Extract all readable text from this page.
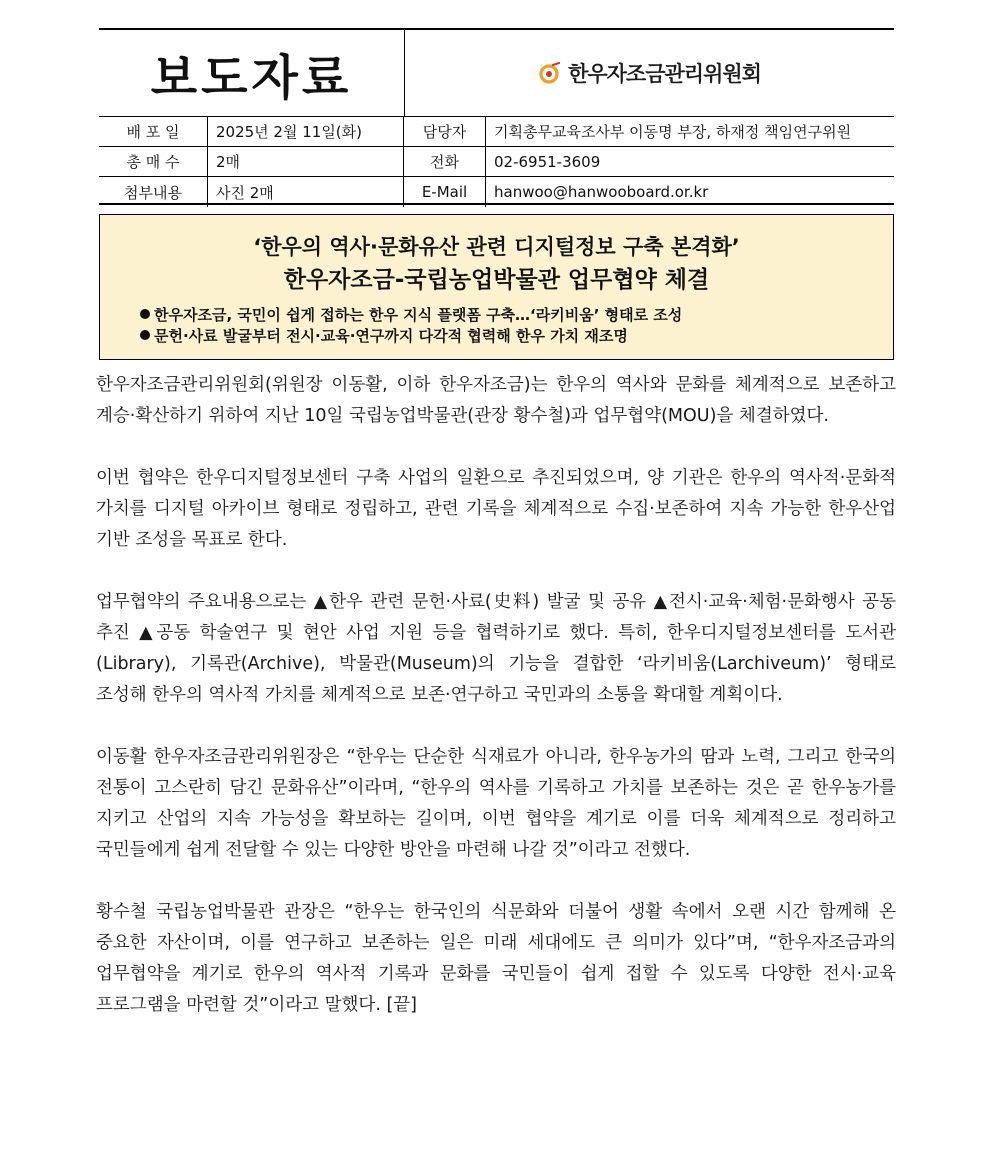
보도자료	한우자조금관리위원회
배 포 일	2025년 2월 11일(화)	담당자	기획총무교육조사부 이동명 부장, 하재정 책임연구위원
총 매 수	2매	전화	02-6951-3609
첨부내용	사진 2매	E-Mail	hanwoo@hanwooboard.or.kr
‘한우의 역사·문화유산 관련 디지털정보 구축 본격화’
한우자조금-국립농업박물관 업무협약 체결
한우자조금, 국민이 쉽게 접하는 한우 지식 플랫폼 구축…‘라키비움’ 형태로 조성
문헌·사료 발굴부터 전시·교육·연구까지 다각적 협력해 한우 가치 재조명

한우자조금관리위원회(위원장 이동활, 이하 한우자조금)는 한우의 역사와 문화를 체계적으로 보존하고 계승·확산하기 위하여 지난 10일 국립농업박물관(관장 황수철)과 업무협약(MOU)을 체결하였다.

이번 협약은 한우디지털정보센터 구축 사업의 일환으로 추진되었으며, 양 기관은 한우의 역사적·문화적 가치를 디지털 아카이브 형태로 정립하고, 관련 기록을 체계적으로 수집·보존하여 지속 가능한 한우산업 기반 조성을 목표로 한다.

업무협약의 주요내용으로는 ▲한우 관련 문헌·사료(史料) 발굴 및 공유 ▲전시·교육·체험·문화행사 공동 추진 ▲공동 학술연구 및 현안 사업 지원 등을 협력하기로 했다. 특히, 한우디지털정보센터를 도서관(Library), 기록관(Archive), 박물관(Museum)의 기능을 결합한 ‘라키비움(Larchiveum)’ 형태로 조성해 한우의 역사적 가치를 체계적으로 보존·연구하고 국민과의 소통을 확대할 계획이다.

이동활 한우자조금관리위원장은 “한우는 단순한 식재료가 아니라, 한우농가의 땀과 노력, 그리고 한국의 전통이 고스란히 담긴 문화유산”이라며, “한우의 역사를 기록하고 가치를 보존하는 것은 곧 한우농가를 지키고 산업의 지속 가능성을 확보하는 길이며, 이번 협약을 계기로 이를 더욱 체계적으로 정리하고 국민들에게 쉽게 전달할 수 있는 다양한 방안을 마련해 나갈 것”이라고 전했다.

황수철 국립농업박물관 관장은 “한우는 한국인의 식문화와 더불어 생활 속에서 오랜 시간 함께해 온 중요한 자산이며, 이를 연구하고 보존하는 일은 미래 세대에도 큰 의미가 있다”며, “한우자조금과의 업무협약을 계기로 한우의 역사적 기록과 문화를 국민들이 쉽게 접할 수 있도록 다양한 전시·교육 프로그램을 마련할 것”이라고 말했다. [끝]
